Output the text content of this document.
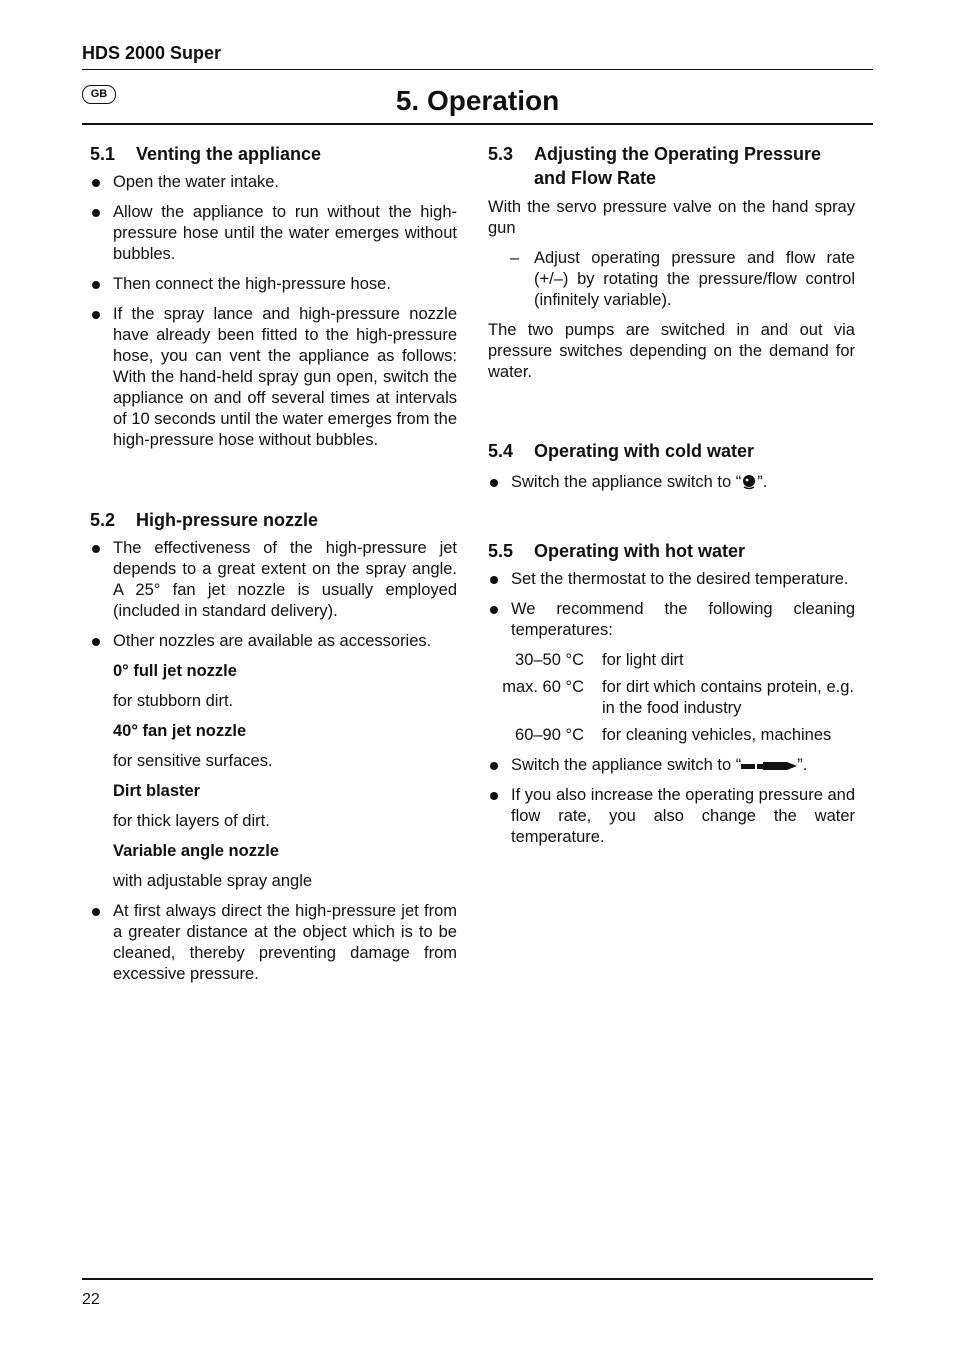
HDS 2000 Super
GB	5. Operation
5.1	Venting the appliance
Open the water intake.
Allow the appliance to run without the high-pressure hose until the water emerges without bubbles.
Then connect the high-pressure hose.
If the spray lance and high-pressure nozzle have already been fitted to the high-pressure hose, you can vent the appliance as follows: With the hand-held spray gun open, switch the appliance on and off several times at intervals of 10 seconds until the water emerges from the high-pressure hose without bubbles.
5.2	High-pressure nozzle
The effectiveness of the high-pressure jet depends to a great extent on the spray angle. A 25° fan jet nozzle is usually employed (included in standard delivery).
Other nozzles are available as accessories.
0° full jet nozzle
for stubborn dirt.
40° fan jet nozzle
for sensitive surfaces.
Dirt blaster
for thick layers of dirt.
Variable angle nozzle
with adjustable spray angle
At first always direct the high-pressure jet from a greater distance at the object which is to be cleaned, thereby preventing damage from excessive pressure.
5.3	Adjusting the Operating Pressure and Flow Rate

With the servo pressure valve on the hand spray gun

– Adjust operating pressure and flow rate (+/–) by rotating the pressure/flow control (infinitely variable).

The two pumps are switched in and out via pressure switches depending on the demand for water.

5.4	Operating with cold water
Switch the appliance switch to “ ”.
5.5	Operating with hot water
Set the thermostat to the desired temperature.
We recommend the following cleaning temperatures:
30–50 °C	for light dirt
max. 60 °C	for dirt which contains protein, e.g. in the food industry
60–90 °C	for cleaning vehicles, machines
Switch the appliance switch to “	”.
If you also increase the operating pressure and flow rate, you also change the water temperature.
22
